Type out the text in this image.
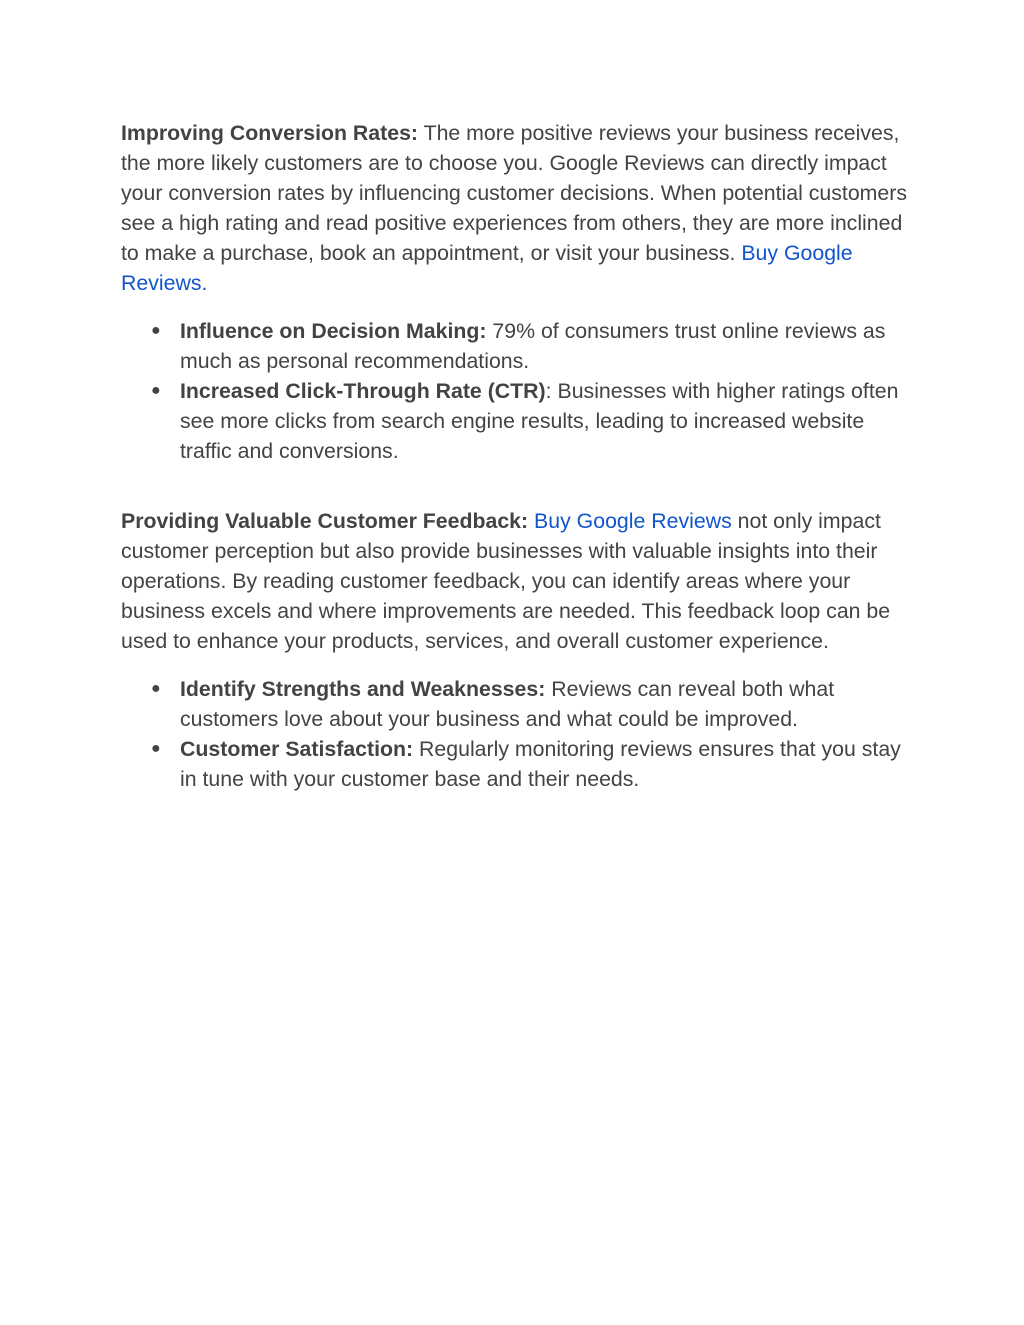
Improving Conversion Rates: The more positive reviews your business receives, the more likely customers are to choose you. Google Reviews can directly impact your conversion rates by influencing customer decisions. When potential customers see a high rating and read positive experiences from others, they are more inclined to make a purchase, book an appointment, or visit your business. Buy Google Reviews.

● Influence on Decision Making: 79% of consumers trust online reviews as much as personal recommendations.
● Increased Click-Through Rate (CTR): Businesses with higher ratings often see more clicks from search engine results, leading to increased website traffic and conversions.

Providing Valuable Customer Feedback: Buy Google Reviews not only impact customer perception but also provide businesses with valuable insights into their operations. By reading customer feedback, you can identify areas where your business excels and where improvements are needed. This feedback loop can be used to enhance your products, services, and overall customer experience.

● Identify Strengths and Weaknesses: Reviews can reveal both what customers love about your business and what could be improved.
● Customer Satisfaction: Regularly monitoring reviews ensures that you stay in tune with your customer base and their needs.
